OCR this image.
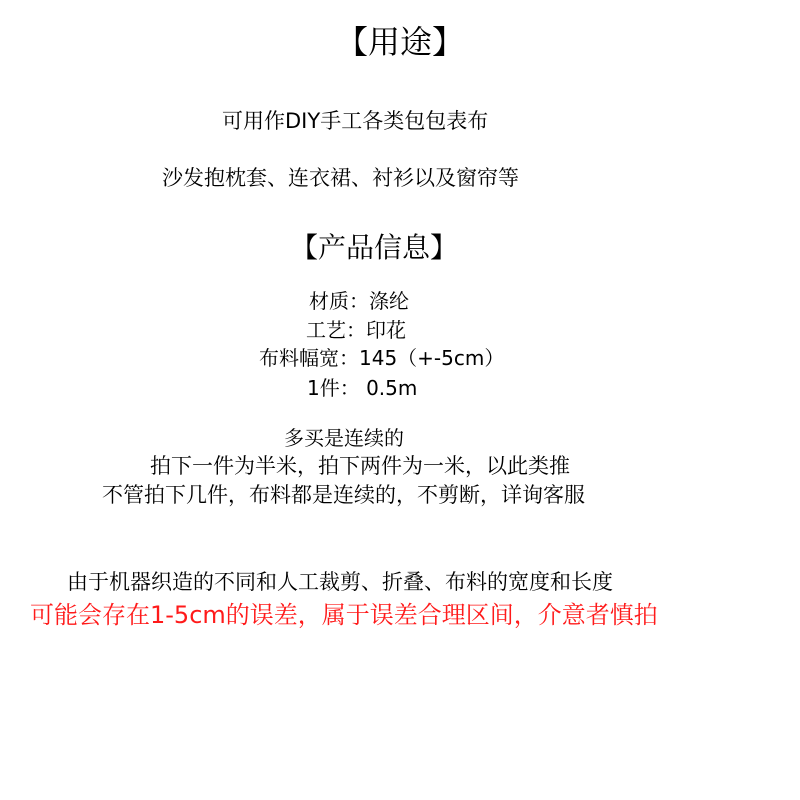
【用途】
可用作DIY手工各类包包表布
沙发抱枕套、连衣裙、衬衫以及窗帘等
【产品信息】
材质：涤纶
工艺：印花
布料幅宽：145（+-5cm）
1件： 0.5m
多买是连续的
拍下一件为半米，拍下两件为一米，以此类推
不管拍下几件，布料都是连续的，不剪断，详询客服
由于机器织造的不同和人工裁剪、折叠、布料的宽度和长度
可能会存在1-5cm的误差，属于误差合理区间，介意者慎拍
